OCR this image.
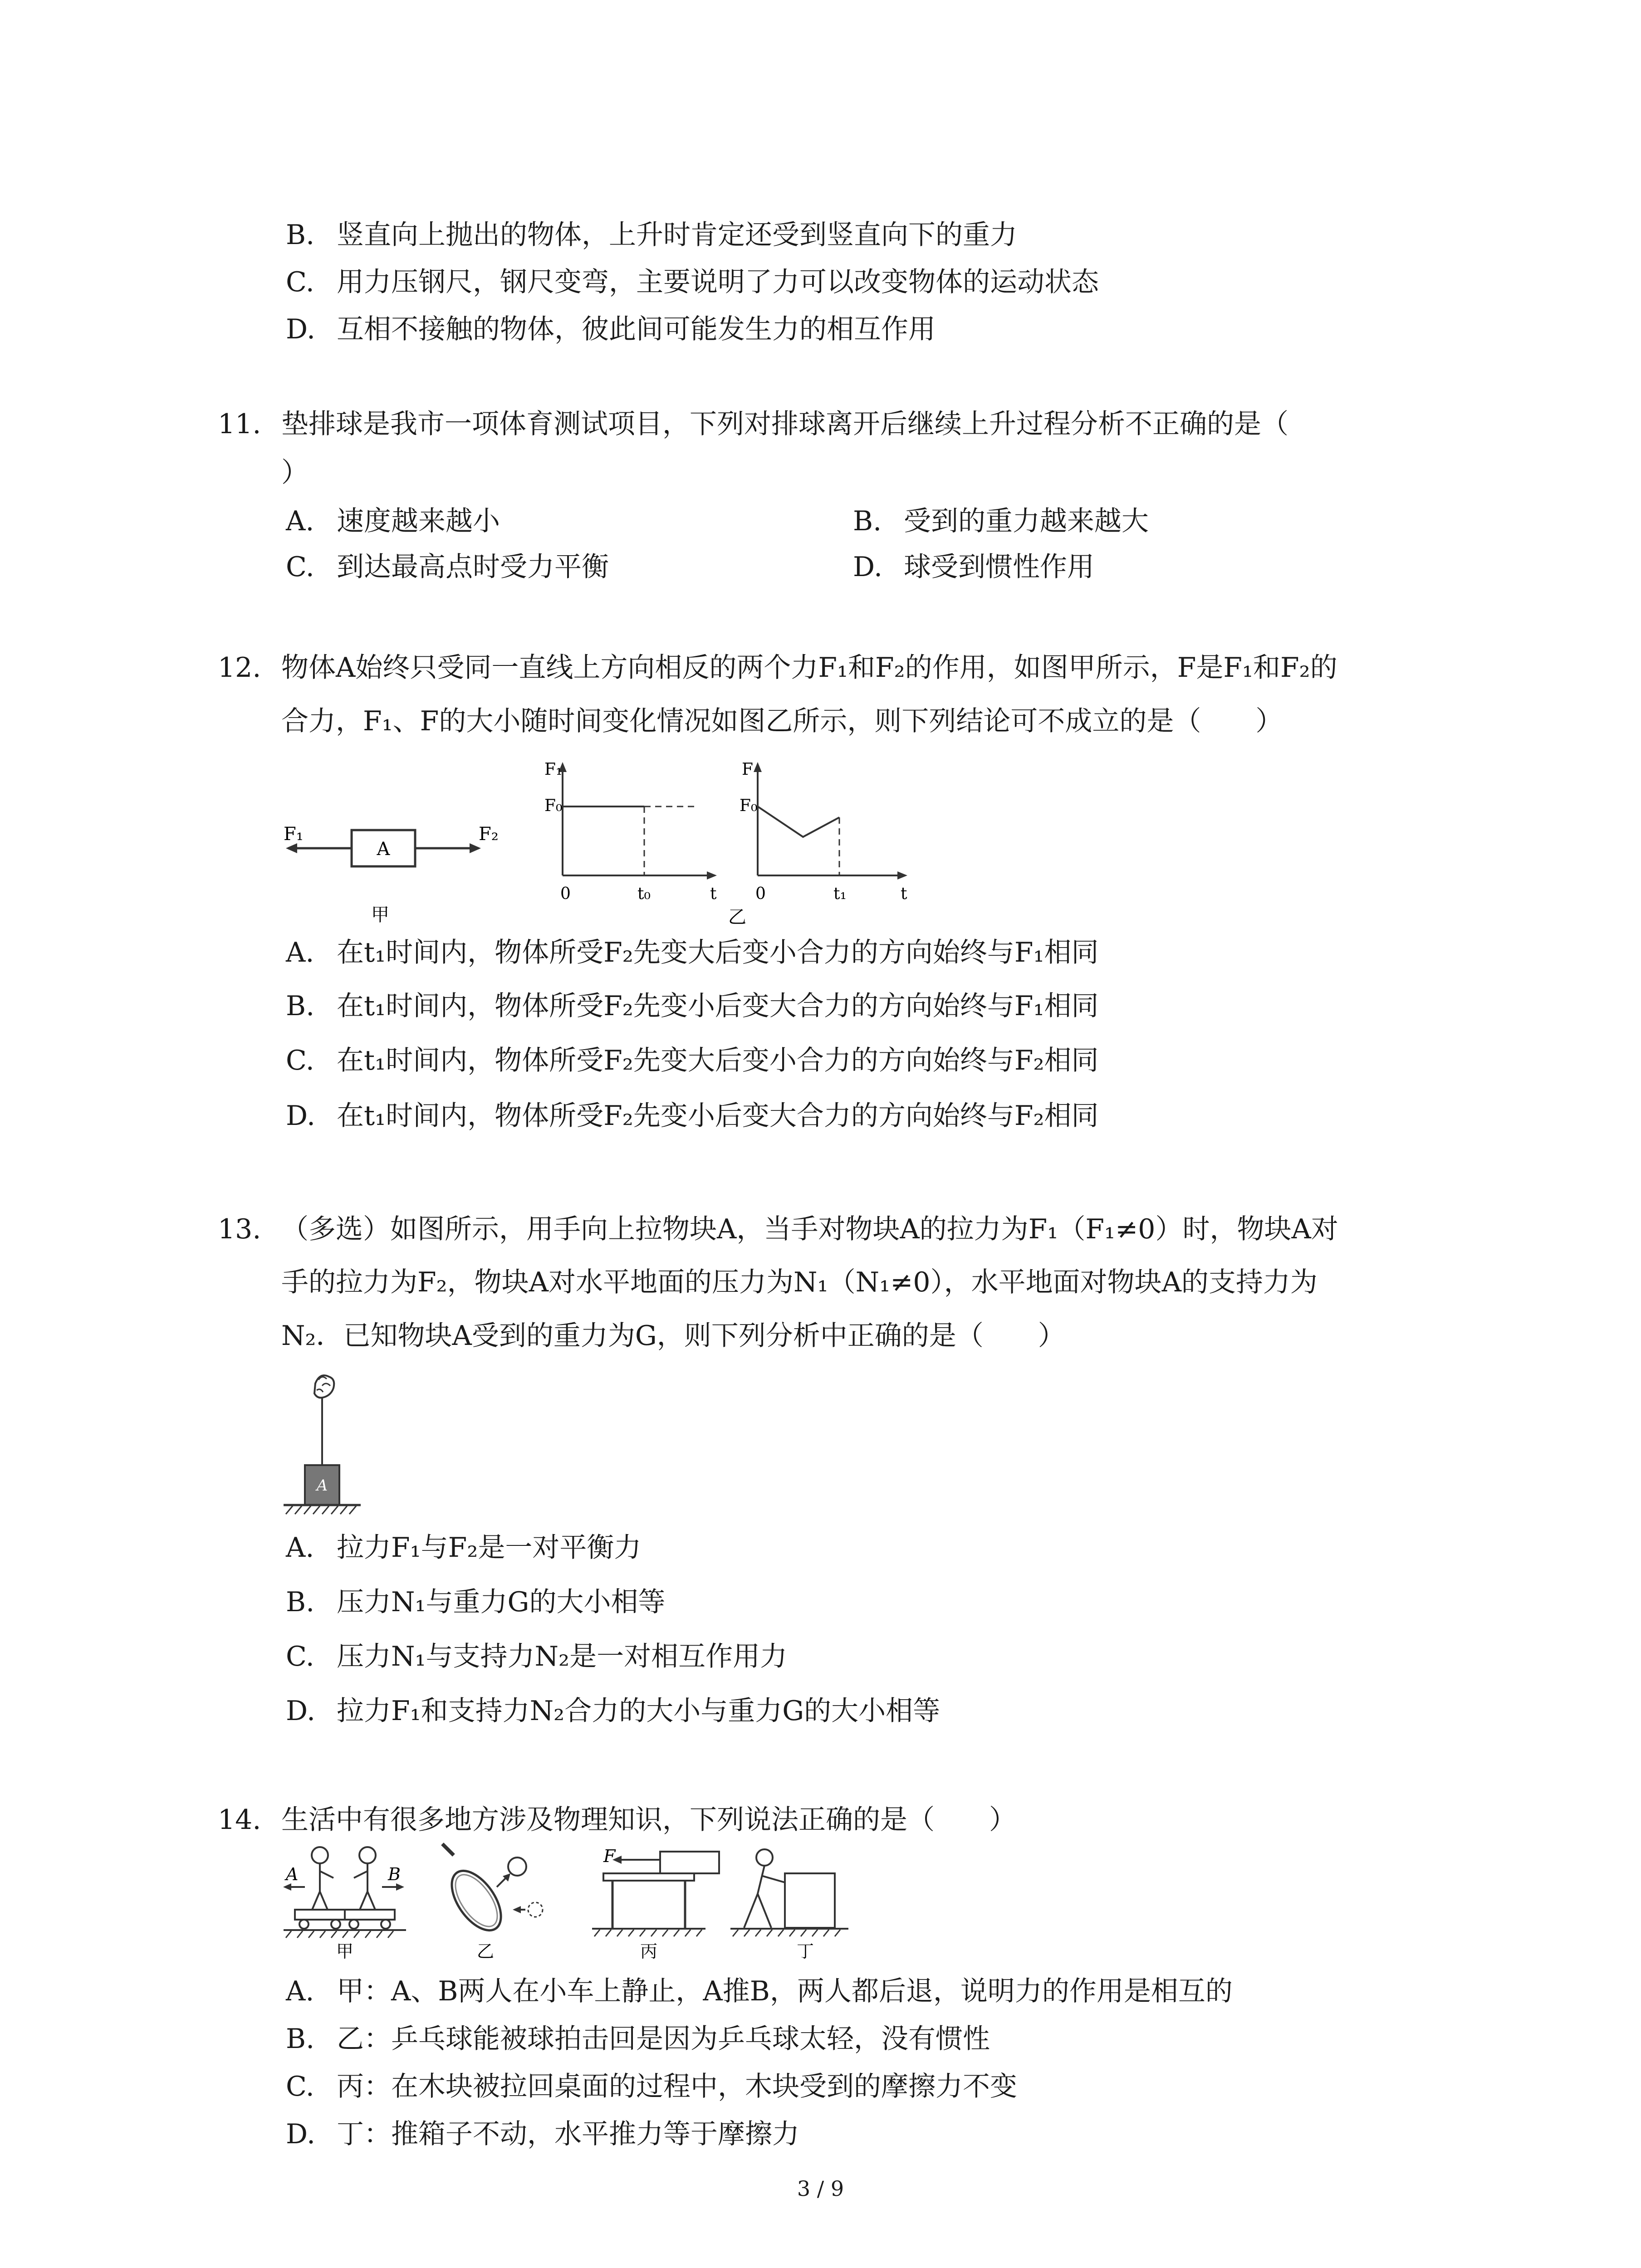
B. 竖直向上抛出的物体，上升时肯定还受到竖直向下的重力
C. 用力压钢尺，钢尺变弯，主要说明了力可以改变物体的运动状态
D. 互相不接触的物体，彼此间可能发生力的相互作用
11. 垫排球是我市一项体育测试项目，下列对排球离开后继续上升过程分析不正确的是（
）
A. 速度越来越小	B. 受到的重力越来越大
C. 到达最高点时受力平衡	D. 球受到惯性作用
12. 物体A始终只受同一直线上方向相反的两个力F₁和F₂的作用，如图甲所示，F是F₁和F₂的
合力，F₁、F的大小随时间变化情况如图乙所示，则下列结论可不成立的是（　　）
A
F₁	F₂
甲
F₁
F₀
0	t₀	t
F
F₀
0	t₁	t
乙
A. 在t₁时间内，物体所受F₂先变大后变小合力的方向始终与F₁相同
B. 在t₁时间内，物体所受F₂先变小后变大合力的方向始终与F₁相同
C. 在t₁时间内，物体所受F₂先变大后变小合力的方向始终与F₂相同
D. 在t₁时间内，物体所受F₂先变小后变大合力的方向始终与F₂相同
13. （多选）如图所示，用手向上拉物块A，当手对物块A的拉力为F₁（F₁≠0）时，物块A对
手的拉力为F₂，物块A对水平地面的压力为N₁（N₁≠0），水平地面对物块A的支持力为
N₂．已知物块A受到的重力为G，则下列分析中正确的是（　　）
A
A. 拉力F₁与F₂是一对平衡力
B. 压力N₁与重力G的大小相等
C. 压力N₁与支持力N₂是一对相互作用力
D. 拉力F₁和支持力N₂合力的大小与重力G的大小相等
14. 生活中有很多地方涉及物理知识，下列说法正确的是（　　）
A	B
甲	乙
F
丙	丁
A. 甲：A、B两人在小车上静止，A推B，两人都后退，说明力的作用是相互的
B. 乙：乒乓球能被球拍击回是因为乒乓球太轻，没有惯性
C. 丙：在木块被拉回桌面的过程中，木块受到的摩擦力不变
D. 丁：推箱子不动，水平推力等于摩擦力
3 / 9
